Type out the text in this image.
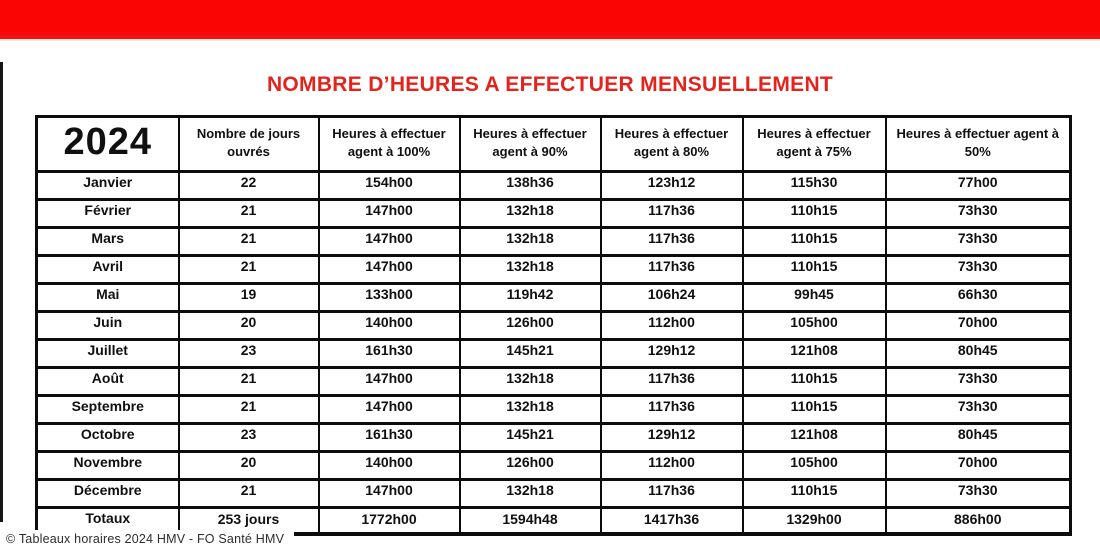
NOMBRE D’HEURES A EFFECTUER MENSUELLEMENT
2024	Nombre de jours ouvrés	Heures à effectuer agent à 100%	Heures à effectuer agent à 90%	Heures à effectuer agent à 80%	Heures à effectuer agent à 75%	Heures à effectuer agent à 50%
Janvier	22	154h00	138h36	123h12	115h30	77h00
Février	21	147h00	132h18	117h36	110h15	73h30
Mars	21	147h00	132h18	117h36	110h15	73h30
Avril	21	147h00	132h18	117h36	110h15	73h30
Mai	19	133h00	119h42	106h24	99h45	66h30
Juin	20	140h00	126h00	112h00	105h00	70h00
Juillet	23	161h30	145h21	129h12	121h08	80h45
Août	21	147h00	132h18	117h36	110h15	73h30
Septembre	21	147h00	132h18	117h36	110h15	73h30
Octobre	23	161h30	145h21	129h12	121h08	80h45
Novembre	20	140h00	126h00	112h00	105h00	70h00
Décembre	21	147h00	132h18	117h36	110h15	73h30
Totaux	253 jours	1772h00	1594h48	1417h36	1329h00	886h00
© Tableaux horaires 2024 HMV - FO Santé HMV
